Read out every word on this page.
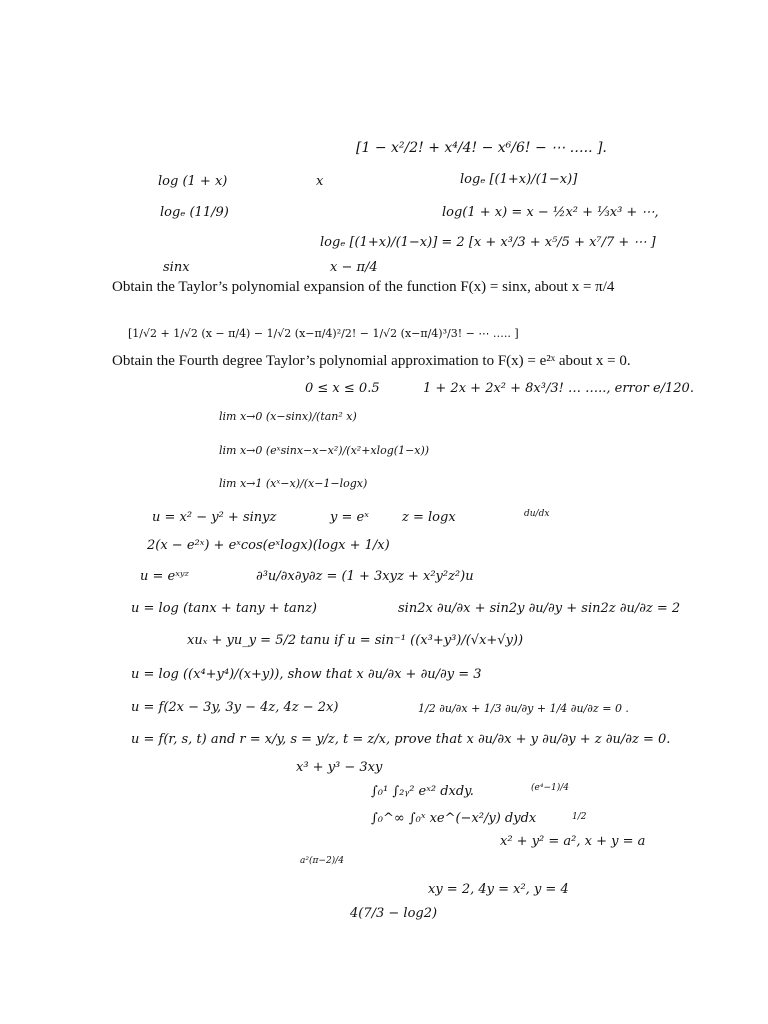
[1 − x²/2! + x⁴/4! − x⁶/6! − ⋯ ….. ].
log (1 + x)	x	logₑ [(1+x)/(1−x)]
logₑ (11/9)	log(1 + x) = x − ½x² + ⅓x³ + ⋯,
logₑ [(1+x)/(1−x)] = 2 [x + x³/3 + x⁵/5 + x⁷/7 + ⋯ ]
sinx	x − π/4
Obtain the Taylor’s polynomial expansion of the function F(x) = sinx, about x = π/4
[1/√2 + 1/√2 (x − π/4) − 1/√2 (x−π/4)²/2! − 1/√2 (x−π/4)³/3! − ⋯ ….. ]
Obtain the Fourth degree Taylor’s polynomial approximation to F(x) = e²ˣ about x = 0.
0 ≤ x ≤ 0.5	1 + 2x + 2x² + 8x³/3! … ….., error e/120.
lim x→0 (x−sinx)/(tan² x)
lim x→0 (eˣsinx−x−x²)/(x²+xlog(1−x))
lim x→1 (xˣ−x)/(x−1−logx)
u = x² − y² + sinyz	y = eˣ	z = logx	du/dx
2(x − e²ˣ) + eˣcos(eˣlogx)(logx + 1/x)
u = eˣʸᶻ	∂³u/∂x∂y∂z = (1 + 3xyz + x²y²z²)u
u = log (tanx + tany + tanz)	sin2x ∂u/∂x + sin2y ∂u/∂y + sin2z ∂u/∂z = 2
xuₓ + yu_y = 5/2 tanu if u = sin⁻¹ ((x³+y³)/(√x+√y))
u = log ((x⁴+y⁴)/(x+y)), show that x ∂u/∂x + ∂u/∂y = 3
u = f(2x − 3y, 3y − 4z, 4z − 2x)	1/2 ∂u/∂x + 1/3 ∂u/∂y + 1/4 ∂u/∂z = 0 .
u = f(r, s, t) and r = x/y, s = y/z, t = z/x, prove that x ∂u/∂x + y ∂u/∂y + z ∂u/∂z = 0.
x³ + y³ − 3xy
∫₀¹ ∫₂ᵧ² eˣ² dxdy.	(e⁴−1)/4
∫₀^∞ ∫₀ˣ xe^(−x²/y) dydx	1/2
x² + y² = a², x + y = a
a²(π−2)/4
xy = 2, 4y = x², y = 4
4(7/3 − log2)
